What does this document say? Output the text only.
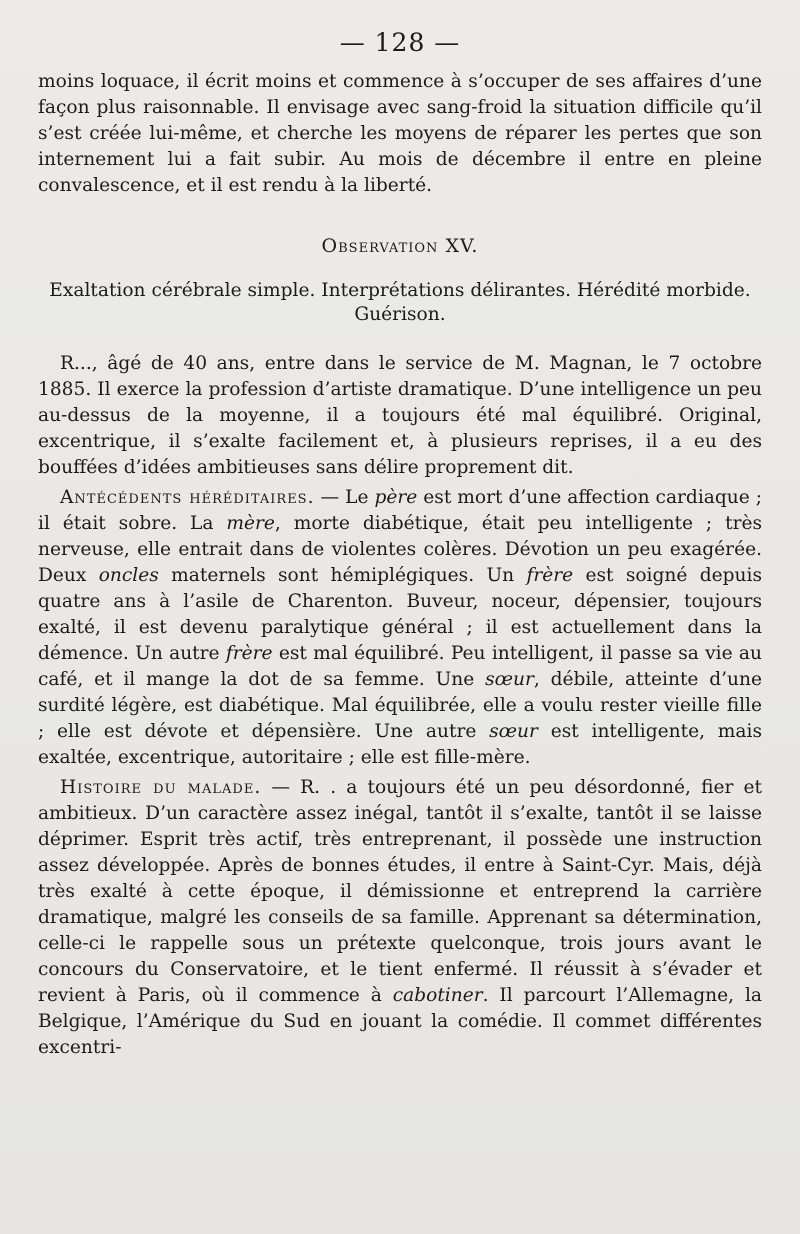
— 128 —

moins loquace, il écrit moins et commence à s’occuper de ses affaires d’une façon plus raisonnable. Il envisage avec sang-froid la situation difficile qu’il s’est créée lui-même, et cherche les moyens de réparer les pertes que son internement lui a fait subir. Au mois de décembre il entre en pleine convalescence, et il est rendu à la liberté.

Observation XV.
Exaltation cérébrale simple. Interprétations délirantes. Hérédité morbide.
Guérison.

R..., âgé de 40 ans, entre dans le service de M. Magnan, le 7 octobre 1885. Il exerce la profession d’artiste dramatique. D’une intelligence un peu au-dessus de la moyenne, il a toujours été mal équilibré. Original, excentrique, il s’exalte facilement et, à plusieurs reprises, il a eu des bouffées d’idées ambitieuses sans délire proprement dit.

Antécédents héréditaires. — Le père est mort d’une affection cardiaque ; il était sobre. La mère, morte diabétique, était peu intelligente ; très nerveuse, elle entrait dans de violentes colères. Dévotion un peu exagérée. Deux oncles maternels sont hémiplégiques. Un frère est soigné depuis quatre ans à l’asile de Charenton. Buveur, noceur, dépensier, toujours exalté, il est devenu paralytique général ; il est actuellement dans la démence. Un autre frère est mal équilibré. Peu intelligent, il passe sa vie au café, et il mange la dot de sa femme. Une sœur, débile, atteinte d’une surdité légère, est diabétique. Mal équilibrée, elle a voulu rester vieille fille ; elle est dévote et dépensière. Une autre sœur est intelligente, mais exaltée, excentrique, autoritaire ; elle est fille-mère.

Histoire du malade. — R. . a toujours été un peu désordonné, fier et ambitieux. D’un caractère assez inégal, tantôt il s’exalte, tantôt il se laisse déprimer. Esprit très actif, très entreprenant, il possède une instruction assez développée. Après de bonnes études, il entre à Saint-Cyr. Mais, déjà très exalté à cette époque, il démissionne et entreprend la carrière dramatique, malgré les conseils de sa famille. Apprenant sa détermination, celle-ci le rappelle sous un prétexte quelconque, trois jours avant le concours du Conservatoire, et le tient enfermé. Il réussit à s’évader et revient à Paris, où il commence à cabotiner. Il parcourt l’Allemagne, la Belgique, l’Amérique du Sud en jouant la comédie. Il commet différentes excentri-
